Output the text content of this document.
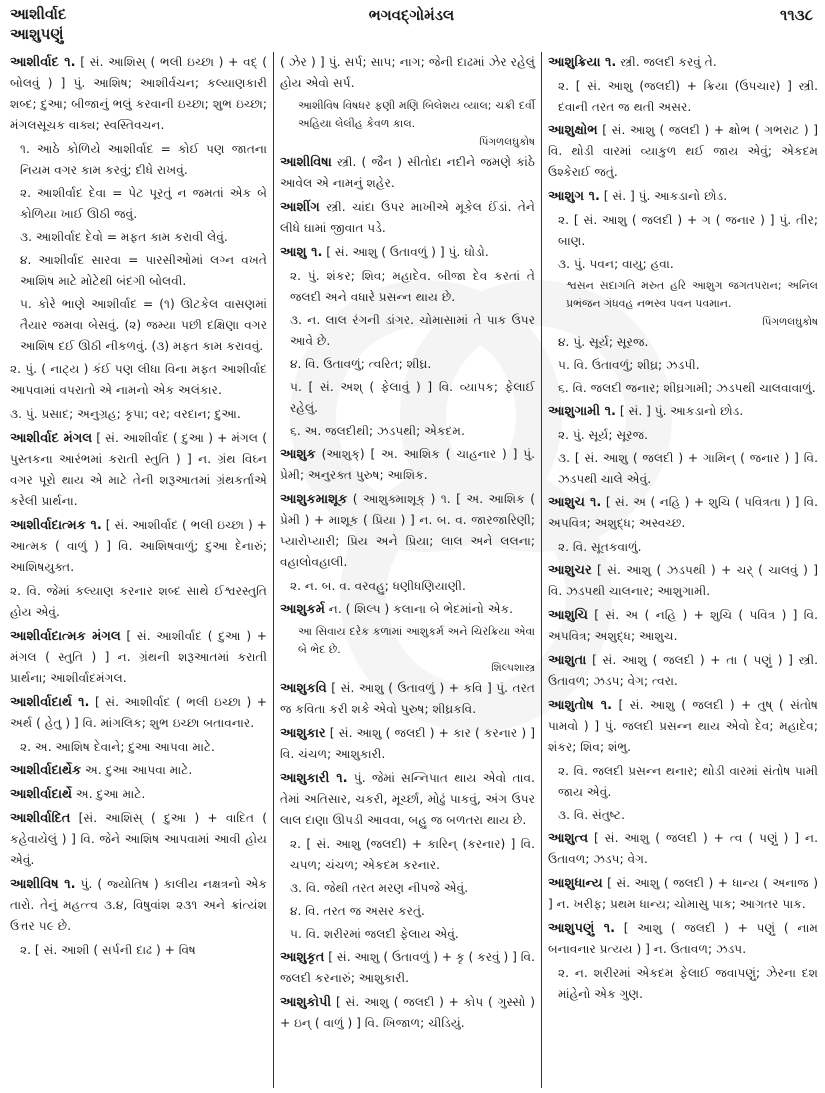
આશીર્વાદ
આશુપણું
ભગવદ્ગોમંડલ	૧૧૩૮
આશીર્વાદ ૧. [ સં. આશિસ્ ( ભલી ઇચ્છા ) + વદ્ ( બોલવું ) ] પું. આશિષ; આશીર્વચન; કલ્યાણકારી શબ્દ; દુઆ; બીજાનું ભલું કરવાની ઇચ્છા; શુભ ઇચ્છા; મંગલસૂચક વાક્ય; સ્વસ્તિવચન.
૧. આઠે કોળિયે આશીર્વાદ = કોઈ પણ જાતના નિયમ વગર કામ કરવું; દીધે રાખવું.
૨. આશીર્વાદ દેવા = પેટ પૂરતું ન જમતાં એક બે કોળિયા ખાઈ ઊઠી જવું.
૩. આશીર્વાદ દેવો = મફત કામ કરાવી લેવું.
૪. આશીર્વાદ સારવા = પારસીઓમાં લગ્ન વખતે આશિષ માટે મોટેથી બંદગી બોલવી.
૫. કોરે ભાણે આશીર્વાદ = (૧) ઊટકેલ વાસણમાં તૈયાર જમવા બેસવું. (૨) જમ્યા પછી દક્ષિણા વગર આશિષ દઈ ઊઠી નીકળવું. (૩) મફત કામ કરાવવું.
૨. પું. ( નાટ્ય ) કંઈ પણ લીધા વિના મફત આશીર્વાદ આપવામાં વપરાતો એ નામનો એક અલંકાર.
૩. પું. પ્રસાદ; અનુગ્રહ; કૃપા; વર; વરદાન; દુઆ.
આશીર્વાદ મંગલ [ સં. આશીર્વાદ ( દુઆ ) + મંગલ ( પુસ્તકના આરંભમાં કરાતી સ્તુતિ ) ] ન. ગ્રંથ વિઘ્ન વગર પૂરો થાય એ માટે તેની શરૂઆતમાં ગ્રંથકર્તાએ કરેલી પ્રાર્થના.
આશીર્વાદાત્મક ૧. [ સં. આશીર્વાદ ( ભલી ઇચ્છા ) + આત્મક ( વાળું ) ] વિ. આશિષવાળું; દુઆ દેનારું; આશિષયુક્ત.
૨. વિ. જેમાં કલ્યાણ કરનાર શબ્દ સાથે ઈશ્વરસ્તુતિ હોય એવું.
આશીર્વાદાત્મક મંગલ [ સં. આશીર્વાદ ( દુઆ ) + મંગલ ( સ્તુતિ ) ] ન. ગ્રંથની શરૂઆતમાં કરાતી પ્રાર્થના; આશીર્વાદમંગલ.
આશીર્વાદાર્થ ૧. [ સં. આશીર્વાદ ( ભલી ઇચ્છા ) + અર્થ ( હેતુ ) ] વિ. માંગલિક; શુભ ઇચ્છા બતાવનાર.
૨. અ. આશિષ દેવાને; દુઆ આપવા માટે.
આશીર્વાદાર્થેક અ. દુઆ આપવા માટે.
આશીર્વાદાર્થે અ. દુઆ માટે.
આશીર્વાદિત [સં. આશિસ્ ( દુઆ ) + વાદિત ( કહેવાયેલું ) ] વિ. જેને આશિષ આપવામાં આવી હોય એવું.
આશીવિષ ૧. પું. ( જ્યોતિષ ) કાલીય નક્ષત્રનો એક તારો. તેનું મહત્ત્વ ૩.૪, વિષુવાંશ ૨૩૧ અને ક્રાંત્યંશ ઉત્તર ૫૯ છે.
૨. [ સં. આશી ( સર્પની દાઢ ) + વિષ
( ઝેર ) ] પું. સર્પ; સાપ; નાગ; જેની દાઢમાં ઝેર રહેલું હોય એવો સર્પ.
આશીવિષ વિષધર ફણી મણિ બિલેશય વ્યાલ; ચક્રી દર્વી અહિયા લેલીહ કેવળ કાલ.
પિંગળલઘુકોષ
આશીવિષા સ્ત્રી. ( જૈન ) સીતોદા નદીને જમણે કાંઠે આવેલ એ નામનું શહેર.
આશીંગ સ્ત્રી. ચાંદા ઉપર માખીએ મૂકેલ ઈંડાં. તેને લીધે ઘામાં જીવાત પડે.
આશુ ૧. [ સં. આશુ ( ઉતાવળું ) ] પું. ઘોડો.
૨. પું. શંકર; શિવ; મહાદેવ. બીજા દેવ કરતાં તે જલદી અને વધારે પ્રસન્ન થાય છે.
૩. ન. લાલ રંગની ડાંગર. ચોમાસામાં તે પાક ઉપર આવે છે.
૪. વિ. ઉતાવળું; ત્વરિત; શીઘ્ર.
૫. [ સં. અશ્ ( ફેલાવું ) ] વિ. વ્યાપક; ફેલાઈ રહેલું.
૬. અ. જલદીથી; ઝડપથી; એકદમ.
આશુક (આશુક્) [ અ. આશિક ( ચાહનાર ) ] પું. પ્રેમી; અનુરક્ત પુરુષ; આશિક.
આશુકમાશૂક ( આશુક્માશૂક્ ) ૧. [ અ. આશિક ( પ્રેમી ) + માશૂક ( પ્રિયા ) ] ન. બ. વ. જારજારિણી; પ્યારોપ્યારી; પ્રિય અને પ્રિયા; લાલ અને લલના; વહાલોવહાલી.
૨. ન. બ. વ. વરવહુ; ધણીધણિયાણી.
આશુકર્મ ન. ( શિલ્પ ) કલાના બે ભેદમાંનો એક.
આ સિવાય દરેક કળામાં આશુકર્મ અને ચિરક્રિયા એવા બે ભેદ છે.
શિલ્પશાસ્ત્ર
આશુકવિ [ સં. આશુ ( ઉતાવળું ) + કવિ ] પું. તરત જ કવિતા કરી શકે એવો પુરુષ; શીઘ્રકવિ.
આશુકાર [ સં. આશુ ( જલદી ) + કાર ( કરનાર ) ] વિ. ચંચળ; આશુકારી.
આશુકારી ૧. પું. જેમાં સન્નિપાત થાય એવો તાવ. તેમાં અતિસાર, ચકરી, મૂર્ચ્છા, મોઢું પાકવું, અંગ ઉપર લાલ દાણા ઊપડી આવવા, બહુ જ બળતરા થાય છે.
૨. [ સં. આશુ (જલદી) + કારિન્ (કરનાર) ] વિ. ચપળ; ચંચળ; એકદમ કરનાર.
૩. વિ. જેથી તરત મરણ નીપજે એવું.
૪. વિ. તરત જ અસર કરતું.
૫. વિ. શરીરમાં જલદી ફેલાય એવું.
આશુકૃત [ સં. આશુ ( ઉતાવળું ) + કૃ ( કરવું ) ] વિ. જલદી કરનારું; આશુકારી.
આશુકોપી [ સં. આશુ ( જલદી ) + કોપ ( ગુસ્સો ) + ઇન્ ( વાળું ) ] વિ. ખિજાળ; ચીડિયું.
આશુક્રિયા ૧. સ્ત્રી. જલદી કરવું તે.
૨. [ સં. આશુ (જલદી) + ક્રિયા (ઉપચાર) ] સ્ત્રી. દવાની તરત જ થતી અસર.
આશુક્ષોભ [ સં. આશુ ( જલદી ) + ક્ષોભ ( ગભરાટ ) ] વિ. થોડી વારમાં વ્યાકુળ થઈ જાય એવું; એકદમ ઉશ્કેરાઈ જતું.
આશુગ ૧. [ સં. ] પું. આકડાનો છોડ.
૨. [ સં. આશુ ( જલદી ) + ગ ( જનાર ) ] પું. તીર; બાણ.
૩. પું. પવન; વાયુ; હવા.
શ્વસન સદાગતિ મરુત હરિ આશુગ જગતપરાન; અનિલ પ્રભંજન ગંધવહ નભસ્વ પવન પવમાન.
પિંગળલઘુકોષ
૪. પું. સૂર્ય; સૂરજ.
૫. વિ. ઉતાવળું; શીઘ્ર; ઝડપી.
૬. વિ. જલદી જનાર; શીઘ્રગામી; ઝડપથી ચાલવાવાળું.
આશુગામી ૧. [ સં. ] પું. આકડાનો છોડ.
૨. પું. સૂર્ય; સૂરજ.
૩. [ સં. આશુ ( જલદી ) + ગામિન્ ( જનાર ) ] વિ. ઝડપથી ચાલે એવું.
આશુચ ૧. [ સં. અ ( નહિ ) + શુચિ ( પવિત્રતા ) ] વિ. અપવિત્ર; અશુદ્ધ; અસ્વચ્છ.
૨. વિ. સૂતકવાળું.
આશુચર [ સં. આશુ ( ઝડપથી ) + ચર્ ( ચાલવું ) ] વિ. ઝડપથી ચાલનાર; આશુગામી.
આશુચિ [ સં. અ ( નહિ ) + શુચિ ( પવિત્ર ) ] વિ. અપવિત્ર; અશુદ્ધ; આશુચ.
આશુતા [ સં. આશુ ( જલદી ) + તા ( પણું ) ] સ્ત્રી. ઉતાવળ; ઝડપ; વેગ; ત્વરા.
આશુતોષ ૧. [ સં. આશુ ( જલદી ) + તુષ્ ( સંતોષ પામવો ) ] પું. જલદી પ્રસન્ન થાય એવો દેવ; મહાદેવ; શંકર; શિવ; શંભુ.
૨. વિ. જલદી પ્રસન્ન થનાર; થોડી વારમાં સંતોષ પામી જાય એવું.
૩. વિ. સંતુષ્ટ.
આશુત્વ [ સં. આશુ ( જલદી ) + ત્વ ( પણું ) ] ન. ઉતાવળ; ઝડપ; વેગ.
આશુધાન્ય [ સં. આશુ ( જલદી ) + ધાન્ય ( અનાજ ) ] ન. ખરીફ; પ્રથમ ધાન્ય; ચોમાસુ પાક; આગતર પાક.
આશુપણું ૧. [ આશુ ( જલદી ) + પણું ( નામ બનાવનાર પ્રત્યય ) ] ન. ઉતાવળ; ઝડપ.
૨. ન. શરીરમાં એકદમ ફેલાઈ જવાપણું; ઝેરના દશ માંહેનો એક ગુણ.
